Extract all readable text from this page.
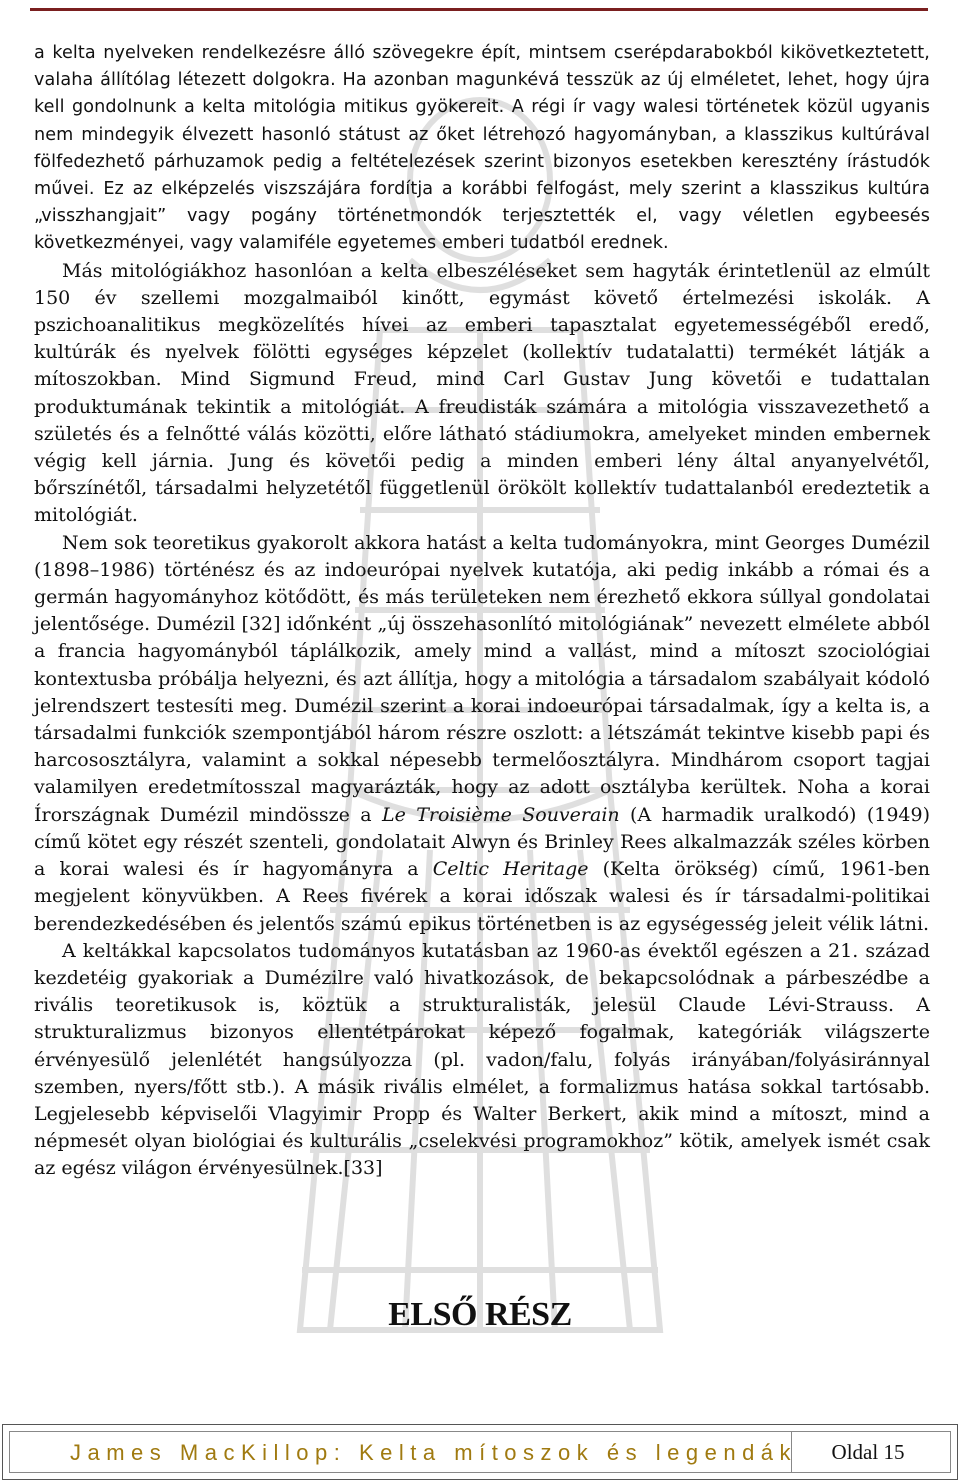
a kelta nyelveken rendelkezésre álló szövegekre épít, mintsem cserépdarabokból kikövetkeztetett, valaha állítólag létezett dolgokra. Ha azonban magunkévá tesszük az új elméletet, lehet, hogy újra kell gondolnunk a kelta mitológia mitikus gyökereit. A régi ír vagy walesi történetek közül ugyanis nem mindegyik élvezett hasonló státust az őket létrehozó hagyományban, a klasszikus kultúrával fölfedezhető párhuzamok pedig a feltételezések szerint bizonyos esetekben keresztény írástudók művei. Ez az elképzelés viszszájára fordítja a korábbi felfogást, mely szerint a klasszikus kultúra „visszhangjait” vagy pogány történetmondók terjesztették el, vagy véletlen egybeesés következményei, vagy valamiféle egyetemes emberi tudatból erednek.

Más mitológiákhoz hasonlóan a kelta elbeszéléseket sem hagyták érintetlenül az elmúlt 150 év szellemi mozgalmaiból kinőtt, egymást követő értelmezési iskolák. A pszichoanalitikus megközelítés hívei az emberi tapasztalat egyetemességéből eredő, kultúrák és nyelvek fölötti egységes képzelet (kollektív tudatalatti) termékét látják a mítoszokban. Mind Sigmund Freud, mind Carl Gustav Jung követői e tudattalan produktumának tekintik a mitológiát. A freudisták számára a mitológia visszavezethető a születés és a felnőtté válás közötti, előre látható stádiumokra, amelyeket minden embernek végig kell járnia. Jung és követői pedig a minden emberi lény által anyanyelvétől, bőrszínétől, társadalmi helyzetétől függetlenül örökölt kollektív tudattalanból eredeztetik a mitológiát.

Nem sok teoretikus gyakorolt akkora hatást a kelta tudományokra, mint Georges Dumézil (1898–1986) történész és az indoeurópai nyelvek kutatója, aki pedig inkább a római és a germán hagyományhoz kötődött, és más területeken nem érezhető ekkora súllyal gondolatai jelentősége. Dumézil [32] időnként „új összehasonlító mitológiának” nevezett elmélete abból a francia hagyományból táplálkozik, amely mind a vallást, mind a mítoszt szociológiai kontextusba próbálja helyezni, és azt állítja, hogy a mitológia a társadalom szabályait kódoló jelrendszert testesíti meg. Dumézil szerint a korai indoeurópai társadalmak, így a kelta is, a társadalmi funkciók szempontjából három részre oszlott: a létszámát tekintve kisebb papi és harcososztályra, valamint a sokkal népesebb termelőosztályra. Mindhárom csoport tagjai valamilyen eredetmítosszal magyarázták, hogy az adott osztályba kerültek. Noha a korai Írországnak Dumézil mindössze a Le Troisième Souverain (A harmadik uralkodó) (1949) című kötet egy részét szenteli, gondolatait Alwyn és Brinley Rees alkalmazzák széles körben a korai walesi és ír hagyományra a Celtic Heritage (Kelta örökség) című, 1961-ben megjelent könyvükben. A Rees fivérek a korai időszak walesi és ír társadalmi-politikai berendezkedésében és jelentős számú epikus történetben is az egységesség jeleit vélik látni.

A keltákkal kapcsolatos tudományos kutatásban az 1960-as évektől egészen a 21. század kezdetéig gyakoriak a Dumézilre való hivatkozások, de bekapcsolódnak a párbeszédbe a rivális teoretikusok is, köztük a strukturalisták, jelesül Claude Lévi-Strauss. A strukturalizmus bizonyos ellentétpárokat képező fogalmak, kategóriák világszerte érvényesülő jelenlétét hangsúlyozza (pl. vadon/falu, folyás irányában/folyásiránnyal szemben, nyers/főtt stb.). A másik rivális elmélet, a formalizmus hatása sokkal tartósabb. Legjelesebb képviselői Vlagyimir Propp és Walter Berkert, akik mind a mítoszt, mind a népmesét olyan biológiai és kulturális „cselekvési programokhoz” kötik, amelyek ismét csak az egész világon érvényesülnek.[33]

ELSŐ RÉSZ
James MacKillop: Kelta mítoszok és legendák	Oldal 15
